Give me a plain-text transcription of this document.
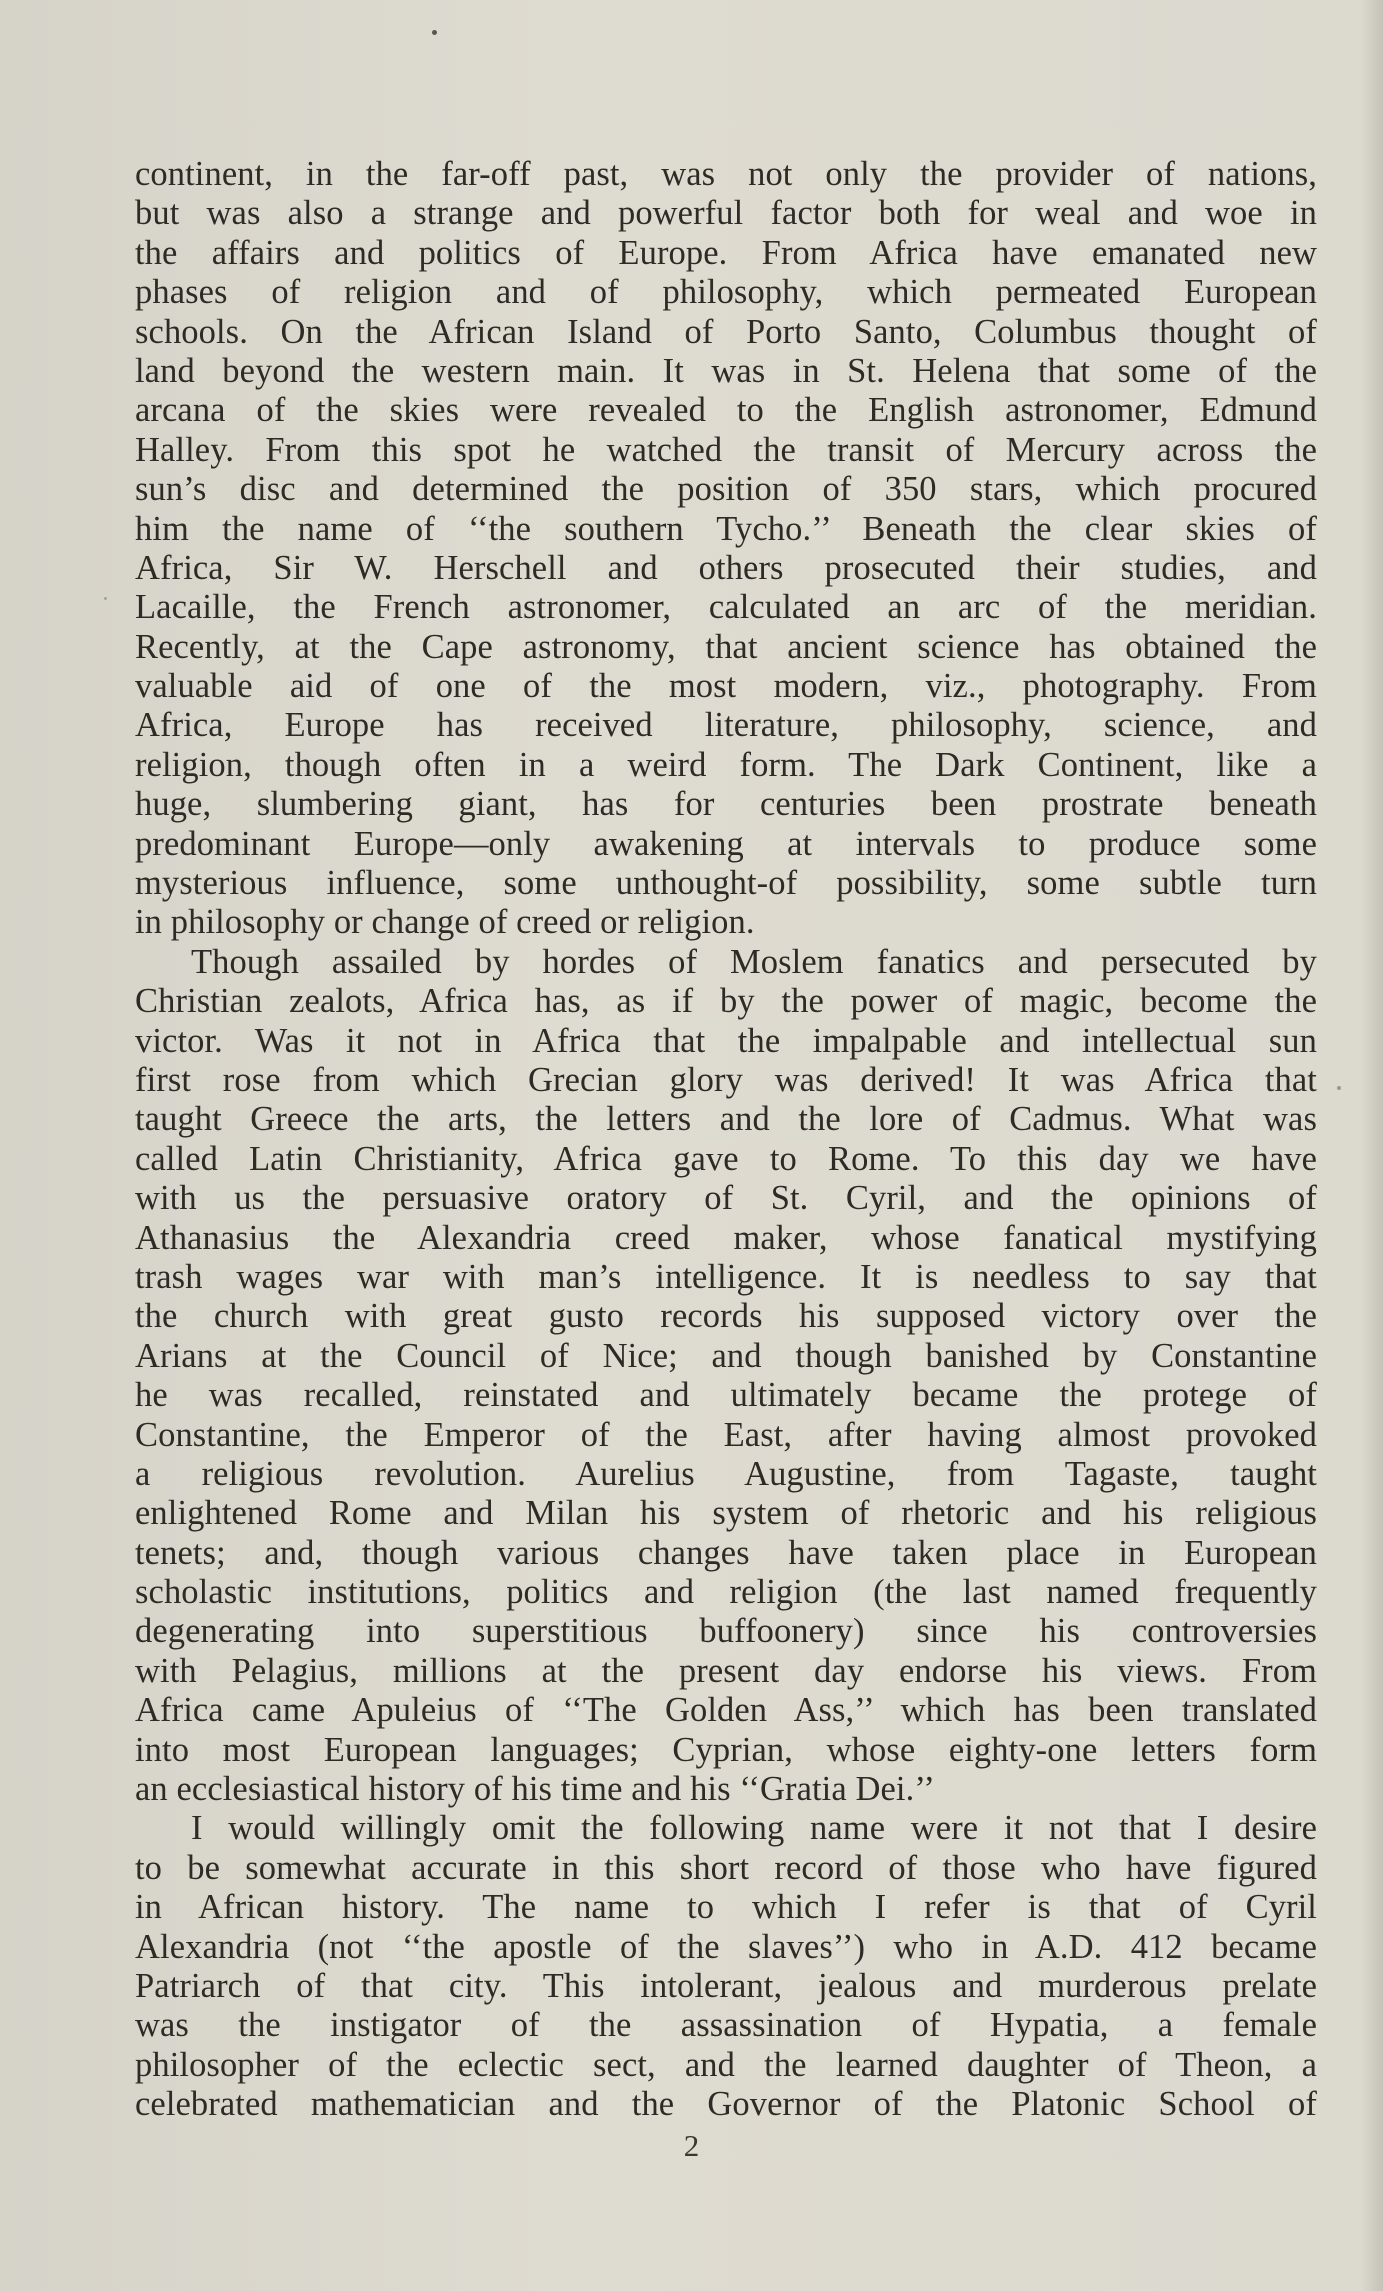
continent, in the far-off past, was not only the provider of nations,
but was also a strange and powerful factor both for weal and woe in
the affairs and politics of Europe. From Africa have emanated new
phases of religion and of philosophy, which permeated European
schools. On the African Island of Porto Santo, Columbus thought of
land beyond the western main. It was in St. Helena that some of the
arcana of the skies were revealed to the English astronomer, Edmund
Halley. From this spot he watched the transit of Mercury across the
sun’s disc and determined the position of 350 stars, which procured
him the name of ‘‘the southern Tycho.’’ Beneath the clear skies of
Africa, Sir W. Herschell and others prosecuted their studies, and
Lacaille, the French astronomer, calculated an arc of the meridian.
Recently, at the Cape astronomy, that ancient science has obtained the
valuable aid of one of the most modern, viz., photography. From
Africa, Europe has received literature, philosophy, science, and
religion, though often in a weird form. The Dark Continent, like a
huge, slumbering giant, has for centuries been prostrate beneath
predominant Europe—only awakening at intervals to produce some
mysterious influence, some unthought-of possibility, some subtle turn
in philosophy or change of creed or religion.

Though assailed by hordes of Moslem fanatics and persecuted by
Christian zealots, Africa has, as if by the power of magic, become the
victor. Was it not in Africa that the impalpable and intellectual sun
first rose from which Grecian glory was derived! It was Africa that
taught Greece the arts, the letters and the lore of Cadmus. What was
called Latin Christianity, Africa gave to Rome. To this day we have
with us the persuasive oratory of St. Cyril, and the opinions of
Athanasius the Alexandria creed maker, whose fanatical mystifying
trash wages war with man’s intelligence. It is needless to say that
the church with great gusto records his supposed victory over the
Arians at the Council of Nice; and though banished by Constantine
he was recalled, reinstated and ultimately became the protege of
Constantine, the Emperor of the East, after having almost provoked
a religious revolution. Aurelius Augustine, from Tagaste, taught
enlightened Rome and Milan his system of rhetoric and his religious
tenets; and, though various changes have taken place in European
scholastic institutions, politics and religion (the last named frequently
degenerating into superstitious buffoonery) since his controversies
with Pelagius, millions at the present day endorse his views. From
Africa came Apuleius of ‘‘The Golden Ass,’’ which has been translated
into most European languages; Cyprian, whose eighty-one letters form
an ecclesiastical history of his time and his ‘‘Gratia Dei.’’

I would willingly omit the following name were it not that I desire
to be somewhat accurate in this short record of those who have figured
in African history. The name to which I refer is that of Cyril
Alexandria (not ‘‘the apostle of the slaves’’) who in A.D. 412 became
Patriarch of that city. This intolerant, jealous and murderous prelate
was the instigator of the assassination of Hypatia, a female
philosopher of the eclectic sect, and the learned daughter of Theon, a
celebrated mathematician and the Governor of the Platonic School of

2
